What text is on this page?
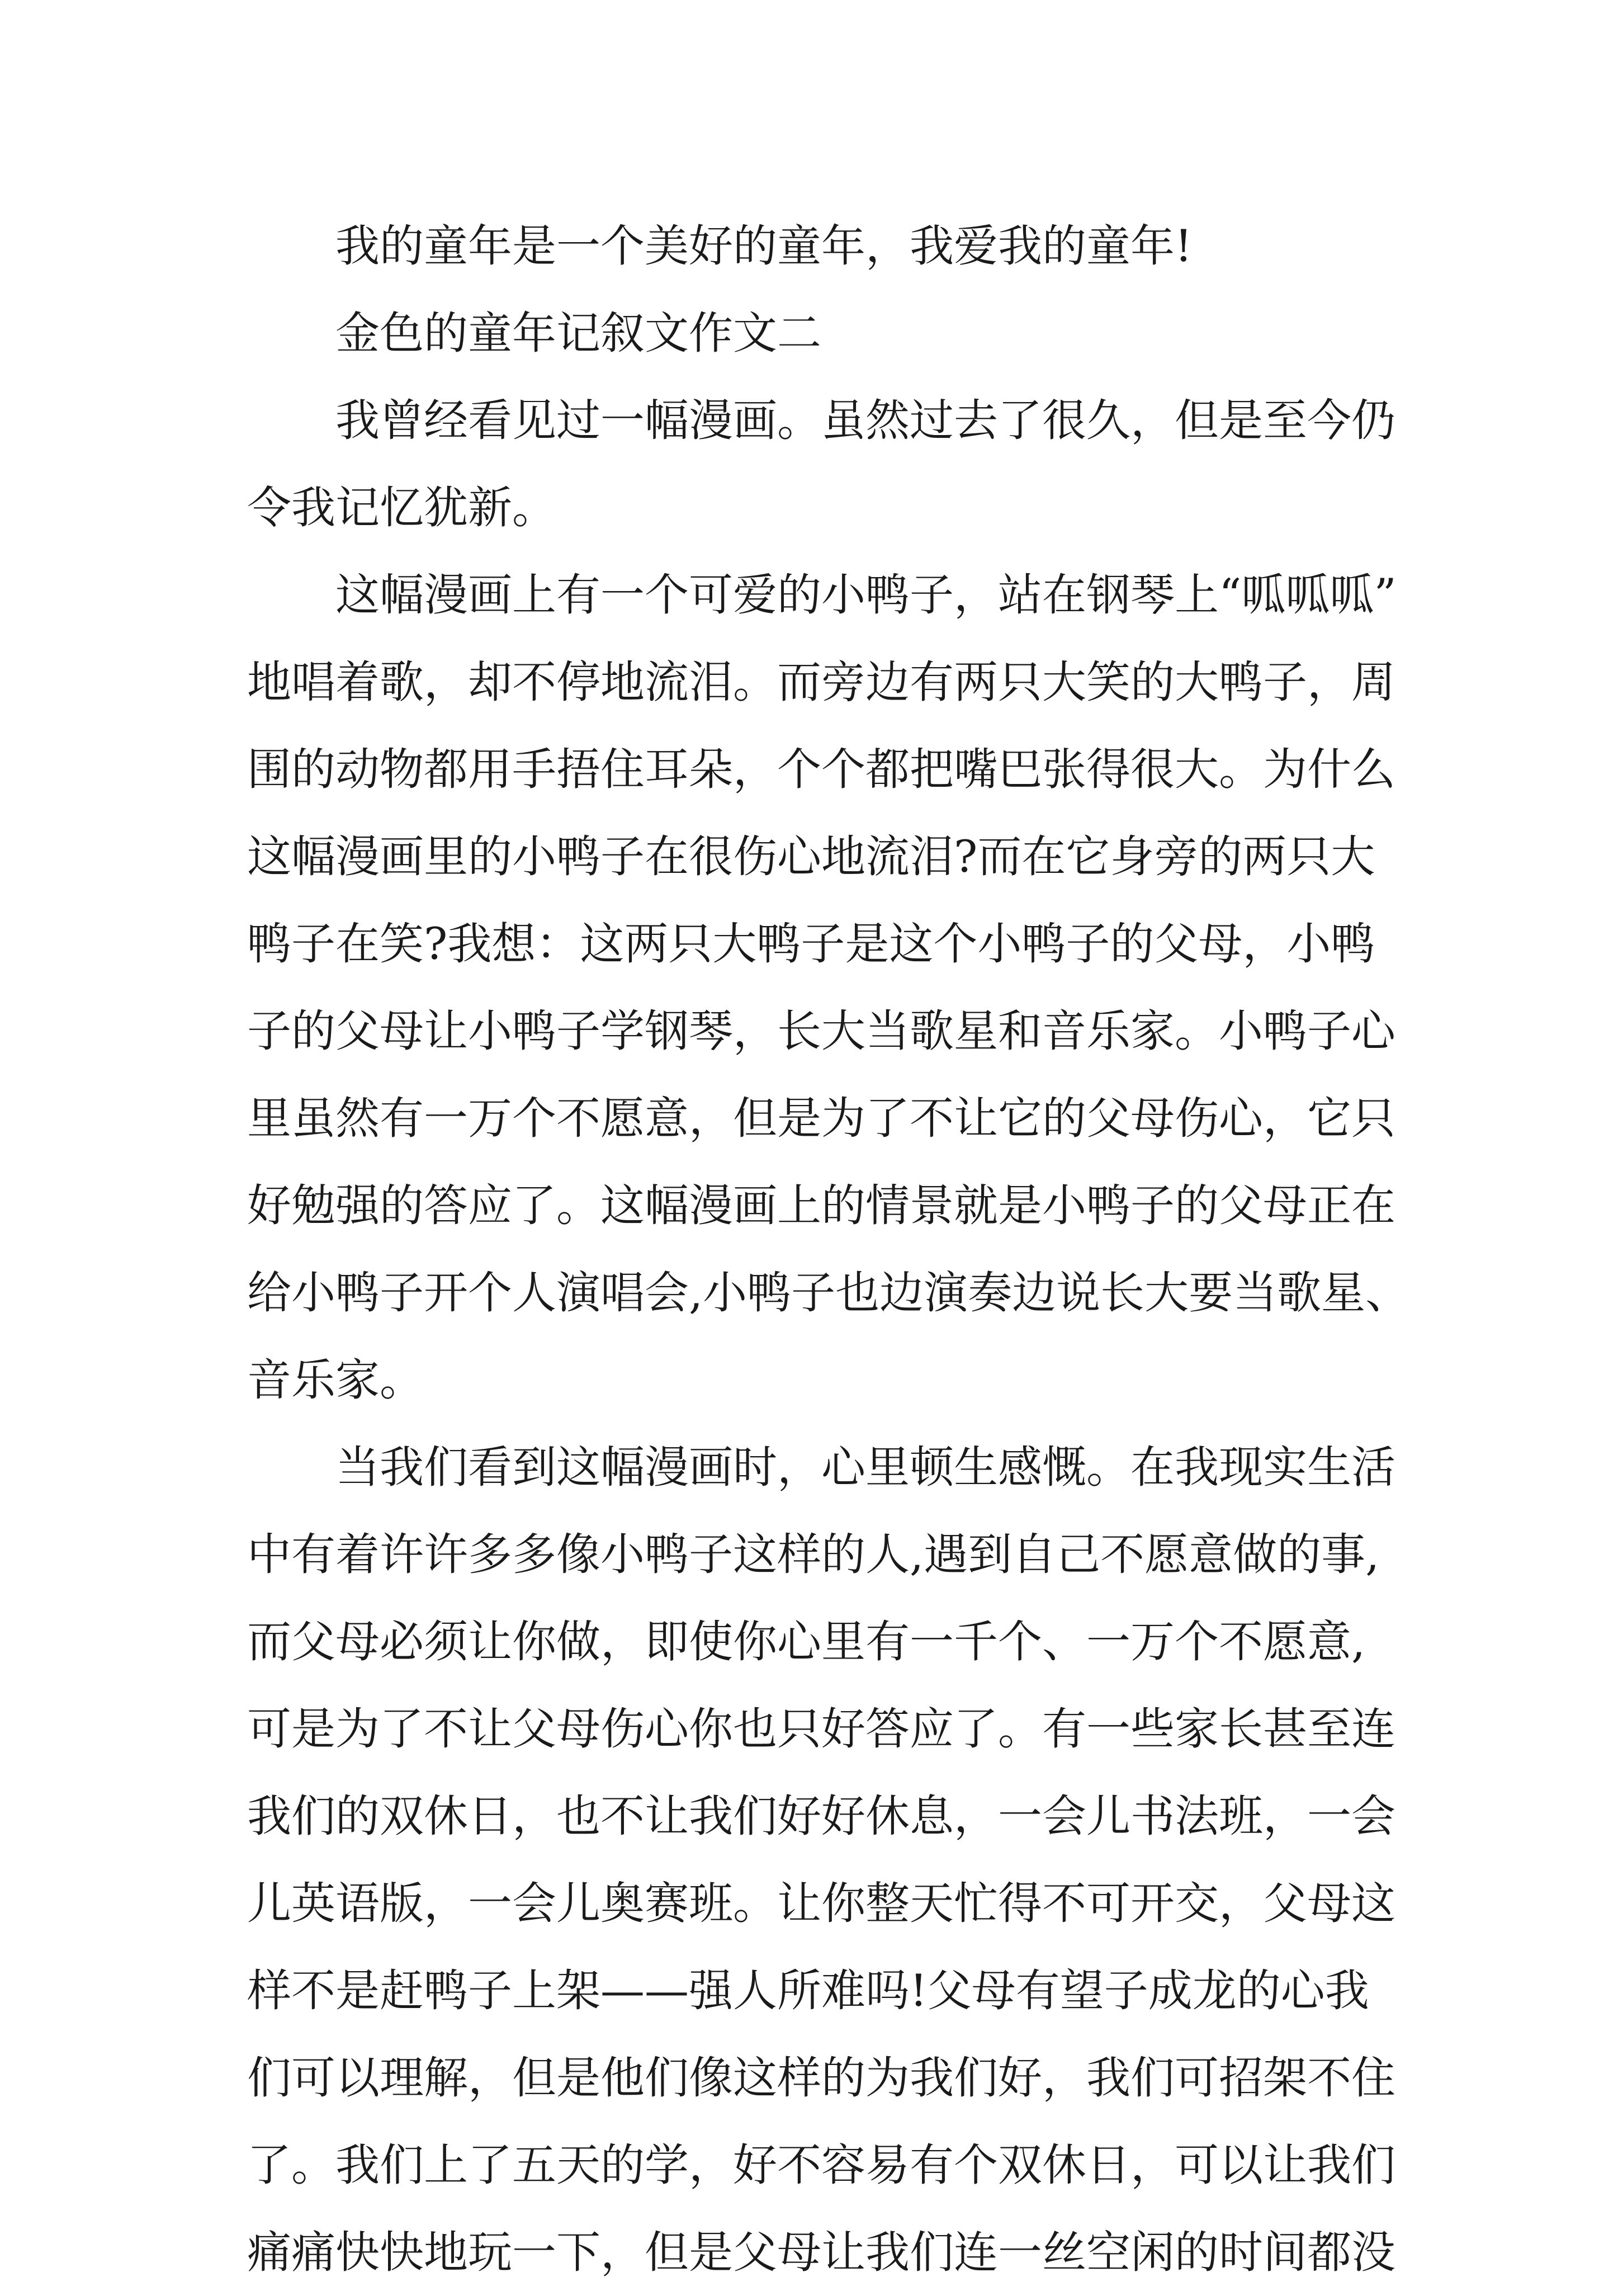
我的童年是一个美好的童年，我爱我的童年!
金色的童年记叙文作文二
我曾经看见过一幅漫画。虽然过去了很久，但是至今仍
令我记忆犹新。
这幅漫画上有一个可爱的小鸭子，站在钢琴上“呱呱呱”
地唱着歌，却不停地流泪。而旁边有两只大笑的大鸭子，周
围的动物都用手捂住耳朵，个个都把嘴巴张得很大。为什么
这幅漫画里的小鸭子在很伤心地流泪?而在它身旁的两只大
鸭子在笑?我想：这两只大鸭子是这个小鸭子的父母，小鸭
子的父母让小鸭子学钢琴，长大当歌星和音乐家。小鸭子心
里虽然有一万个不愿意，但是为了不让它的父母伤心，它只
好勉强的答应了。这幅漫画上的情景就是小鸭子的父母正在
给小鸭子开个人演唱会,小鸭子也边演奏边说长大要当歌星、
音乐家。
当我们看到这幅漫画时，心里顿生感慨。在我现实生活
中有着许许多多像小鸭子这样的人,遇到自己不愿意做的事,
而父母必须让你做，即使你心里有一千个、一万个不愿意,
可是为了不让父母伤心你也只好答应了。有一些家长甚至连
我们的双休日，也不让我们好好休息，一会儿书法班，一会
儿英语版，一会儿奥赛班。让你整天忙得不可开交，父母这
样不是赶鸭子上架——强人所难吗!父母有望子成龙的心我
们可以理解，但是他们像这样的为我们好，我们可招架不住
了。我们上了五天的学，好不容易有个双休日，可以让我们
痛痛快快地玩一下，但是父母让我们连一丝空闲的时间都没
